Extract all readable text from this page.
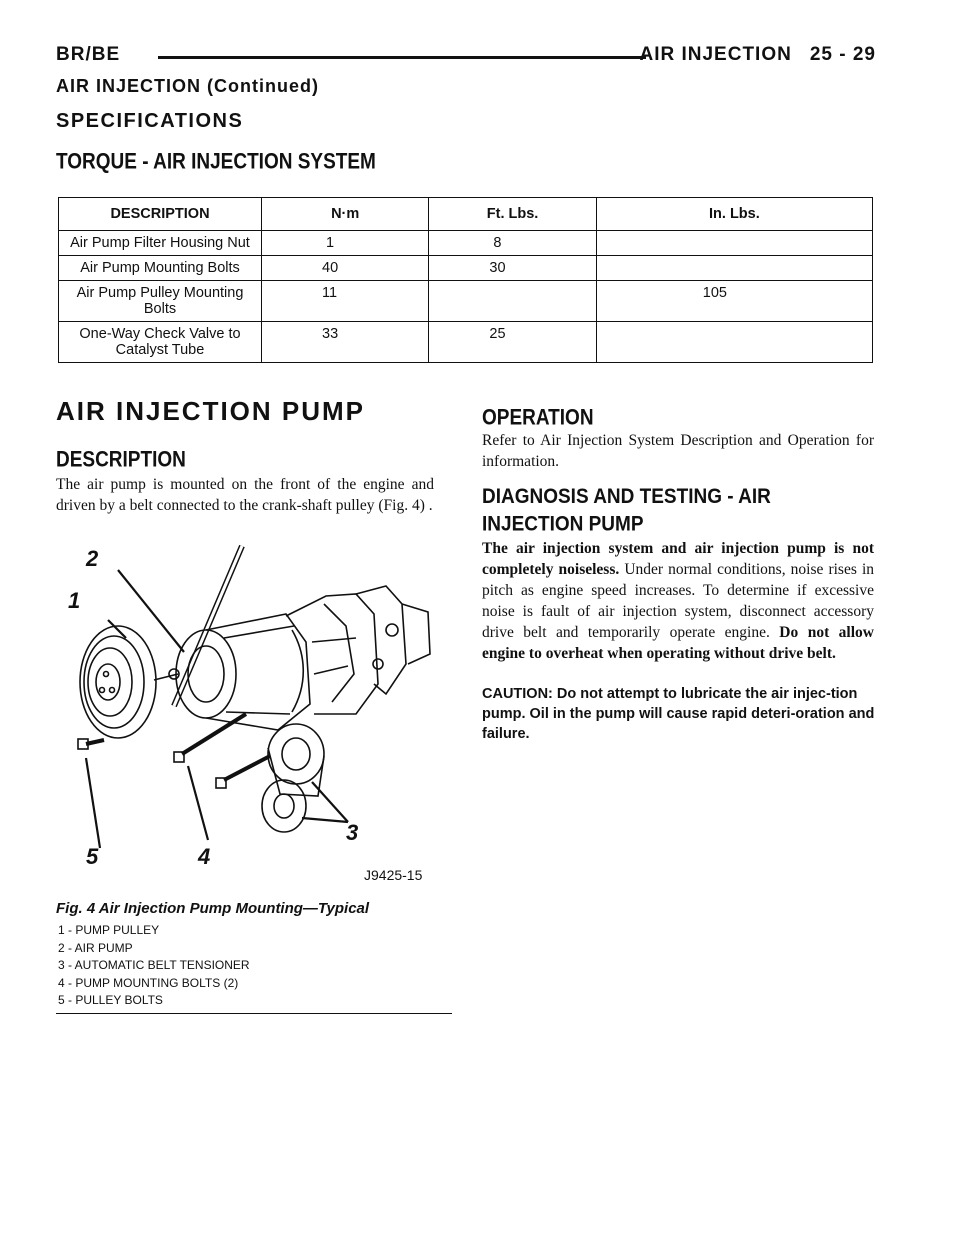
BR/BE	AIR INJECTION 25 - 29
AIR INJECTION (Continued)
SPECIFICATIONS
TORQUE - AIR INJECTION SYSTEM
DESCRIPTION	N·m	Ft. Lbs.	In. Lbs.
Air Pump Filter Housing Nut	1	8	
Air Pump Mounting Bolts	40	30	
Air Pump Pulley Mounting Bolts	11		105
One-Way Check Valve to Catalyst Tube	33	25	
AIR INJECTION PUMP
DESCRIPTION
The air pump is mounted on the front of the engine and driven by a belt connected to the crank-shaft pulley (Fig. 4) .
2
1
3
4
5
J9425-15
Fig. 4 Air Injection Pump Mounting—Typical
1 - PUMP PULLEY
2 - AIR PUMP
3 - AUTOMATIC BELT TENSIONER
4 - PUMP MOUNTING BOLTS (2)
5 - PULLEY BOLTS
OPERATION
Refer to Air Injection System Description and Operation for information.
DIAGNOSIS AND TESTING - AIR INJECTION PUMP
The air injection system and air injection pump is not completely noiseless. Under normal conditions, noise rises in pitch as engine speed increases. To determine if excessive noise is fault of air injection system, disconnect accessory drive belt and temporarily operate engine. Do not allow engine to overheat when operating without drive belt.
CAUTION: Do not attempt to lubricate the air injec-tion pump. Oil in the pump will cause rapid deteri-oration and failure.
